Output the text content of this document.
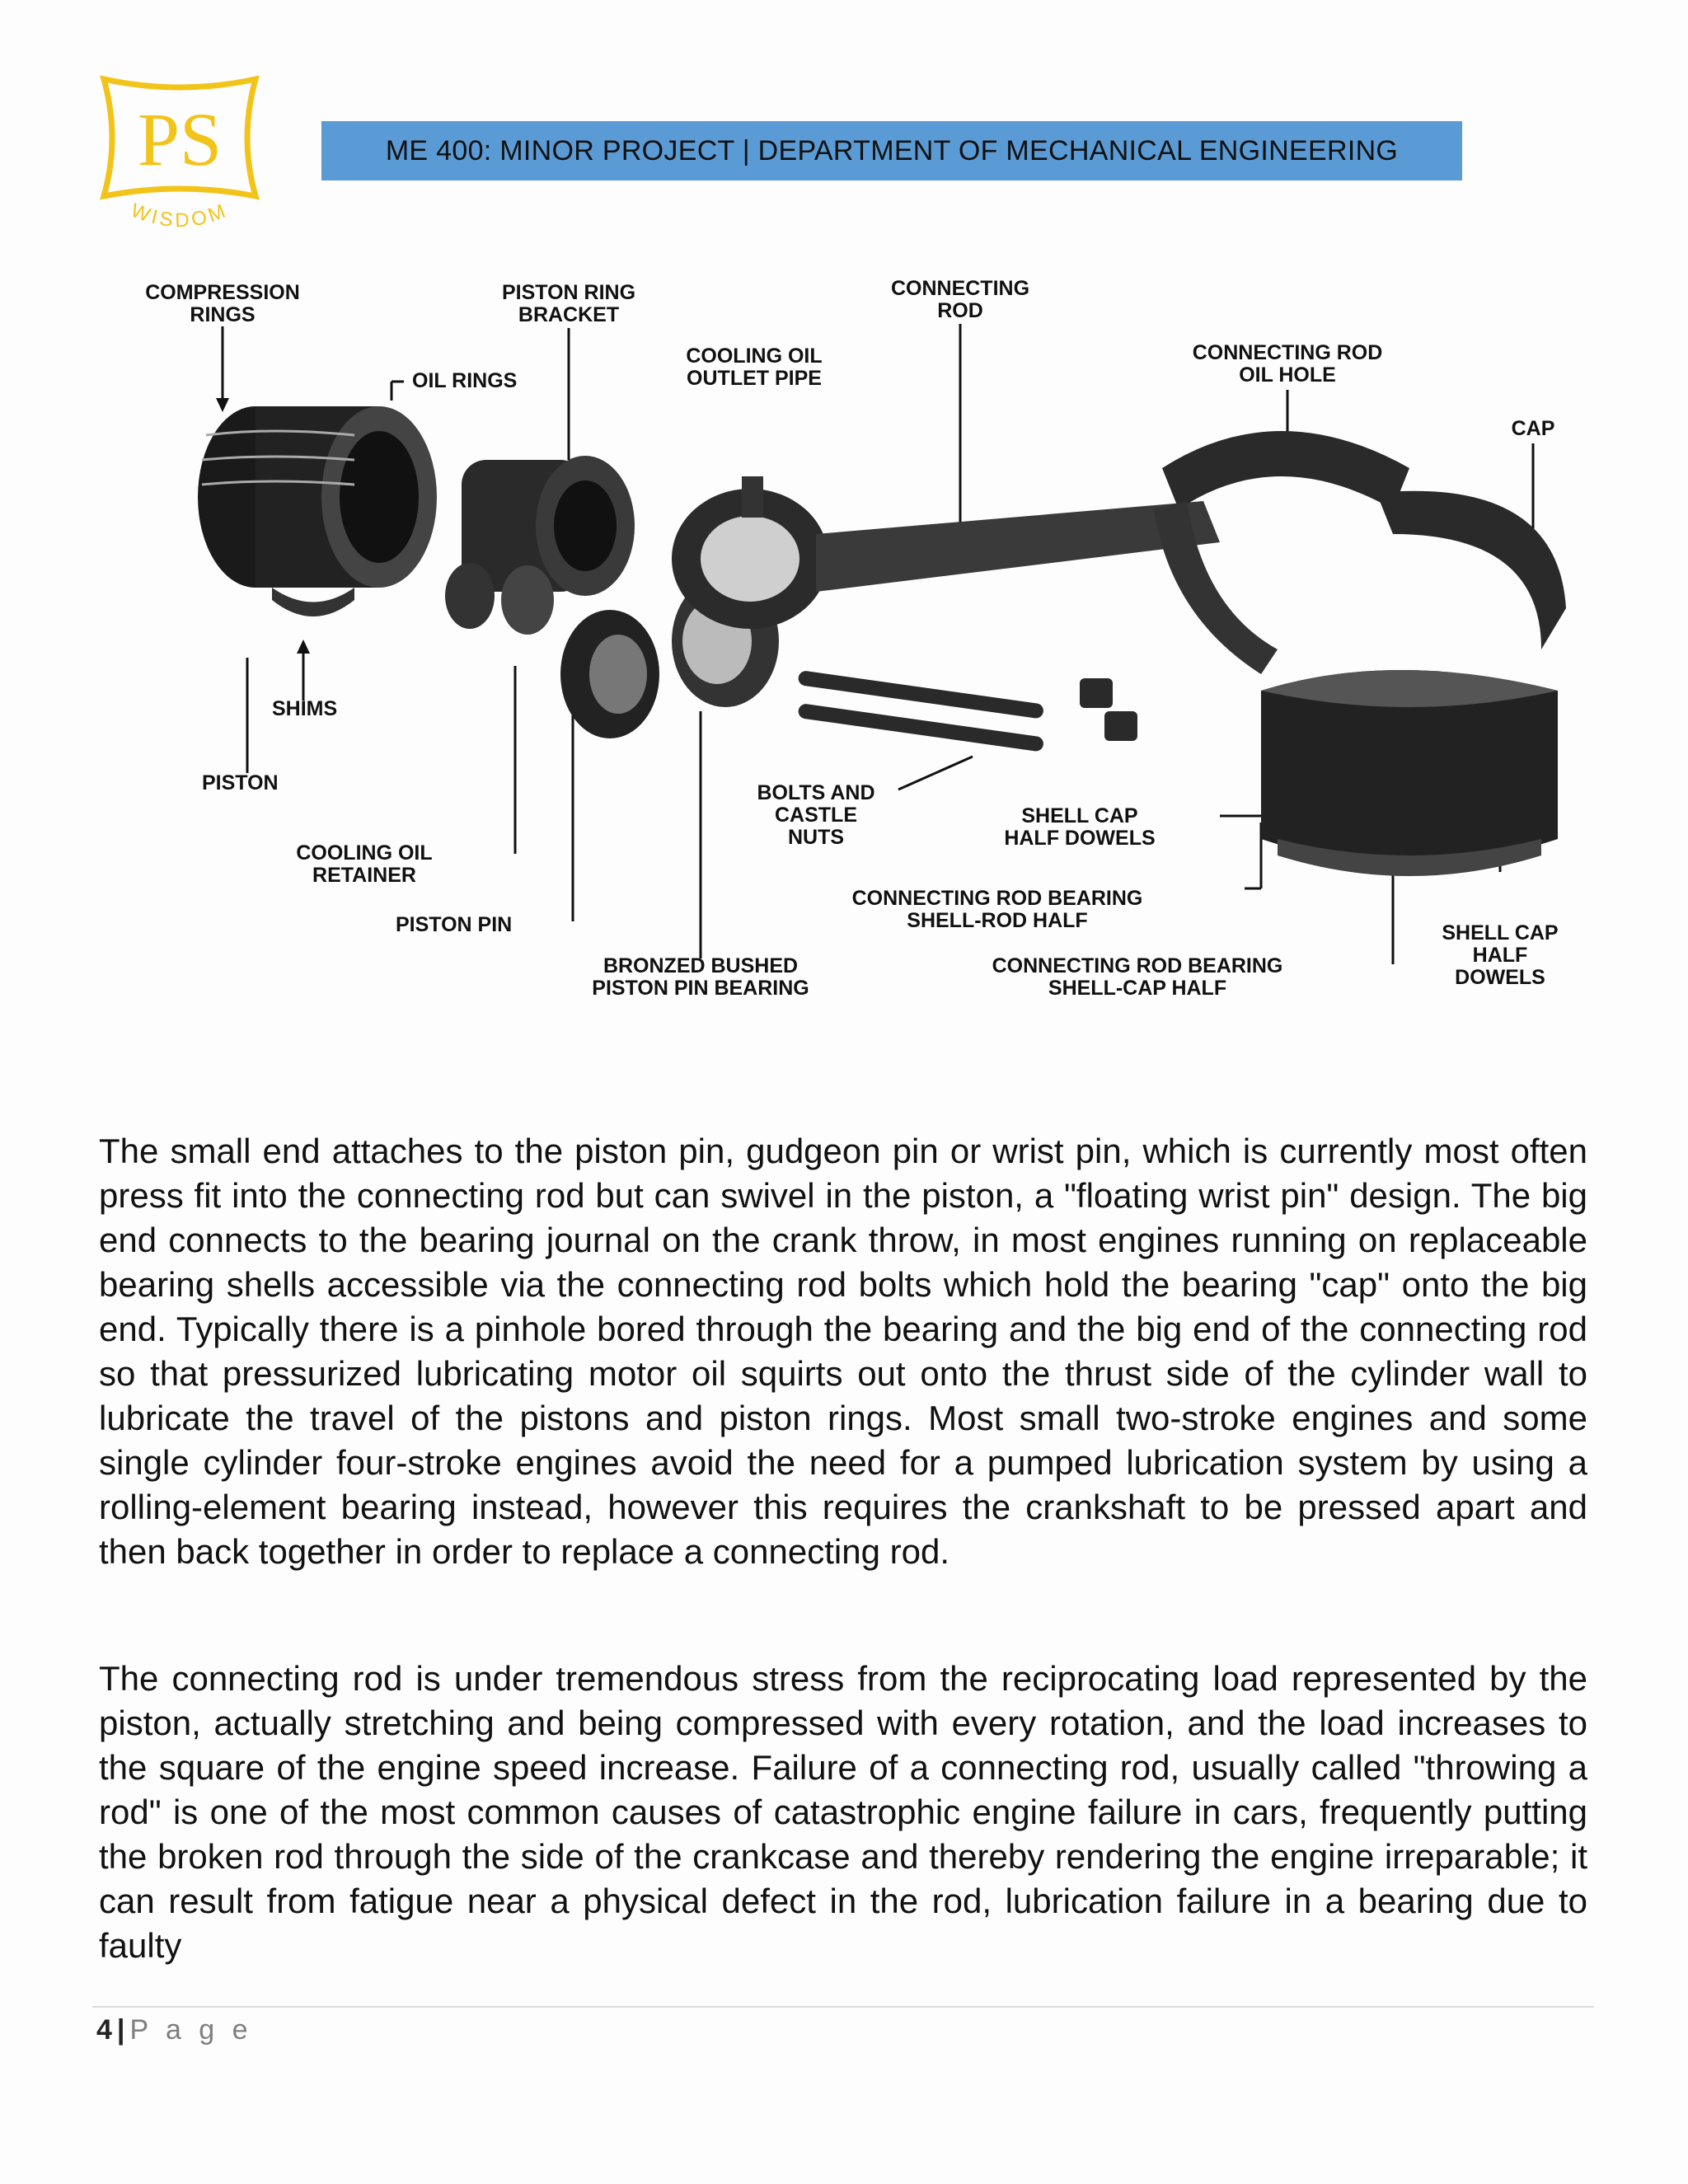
PS
WISDOM
ME 400: MINOR PROJECT | DEPARTMENT OF MECHANICAL ENGINEERING
COMPRESSION
RINGS
PISTON RING
BRACKET
CONNECTING
ROD
COOLING OIL
OUTLET PIPE
CONNECTING ROD
OIL HOLE
OIL RINGS
CAP
SHIMS
PISTON
COOLING OIL
RETAINER
PISTON PIN
BRONZED BUSHED
PISTON PIN BEARING
BOLTS AND
CASTLE
NUTS
SHELL CAP
HALF DOWELS
CONNECTING ROD BEARING
SHELL-ROD HALF
CONNECTING ROD BEARING
SHELL-CAP HALF
SHELL CAP
HALF
DOWELS

The small end attaches to the piston pin, gudgeon pin or wrist pin, which is currently most often press fit into the connecting rod but can swivel in the piston, a "floating wrist pin" design. The big end connects to the bearing journal on the crank throw, in most engines running on replaceable bearing shells accessible via the connecting rod bolts which hold the bearing "cap" onto the big end. Typically there is a pinhole bored through the bearing and the big end of the connecting rod so that pressurized lubricating motor oil squirts out onto the thrust side of the cylinder wall to lubricate the travel of the pistons and piston rings. Most small two-stroke engines and some single cylinder four-stroke engines avoid the need for a pumped lubrication system by using a rolling-element bearing instead, however this requires the crankshaft to be pressed apart and then back together in order to replace a connecting rod.

The connecting rod is under tremendous stress from the reciprocating load represented by the piston, actually stretching and being compressed with every rotation, and the load increases to the square of the engine speed increase. Failure of a connecting rod, usually called "throwing a rod" is one of the most common causes of catastrophic engine failure in cars, frequently putting the broken rod through the side of the crankcase and thereby rendering the engine irreparable; it can result from fatigue near a physical defect in the rod, lubrication failure in a bearing due to faulty

4 | P a g e
